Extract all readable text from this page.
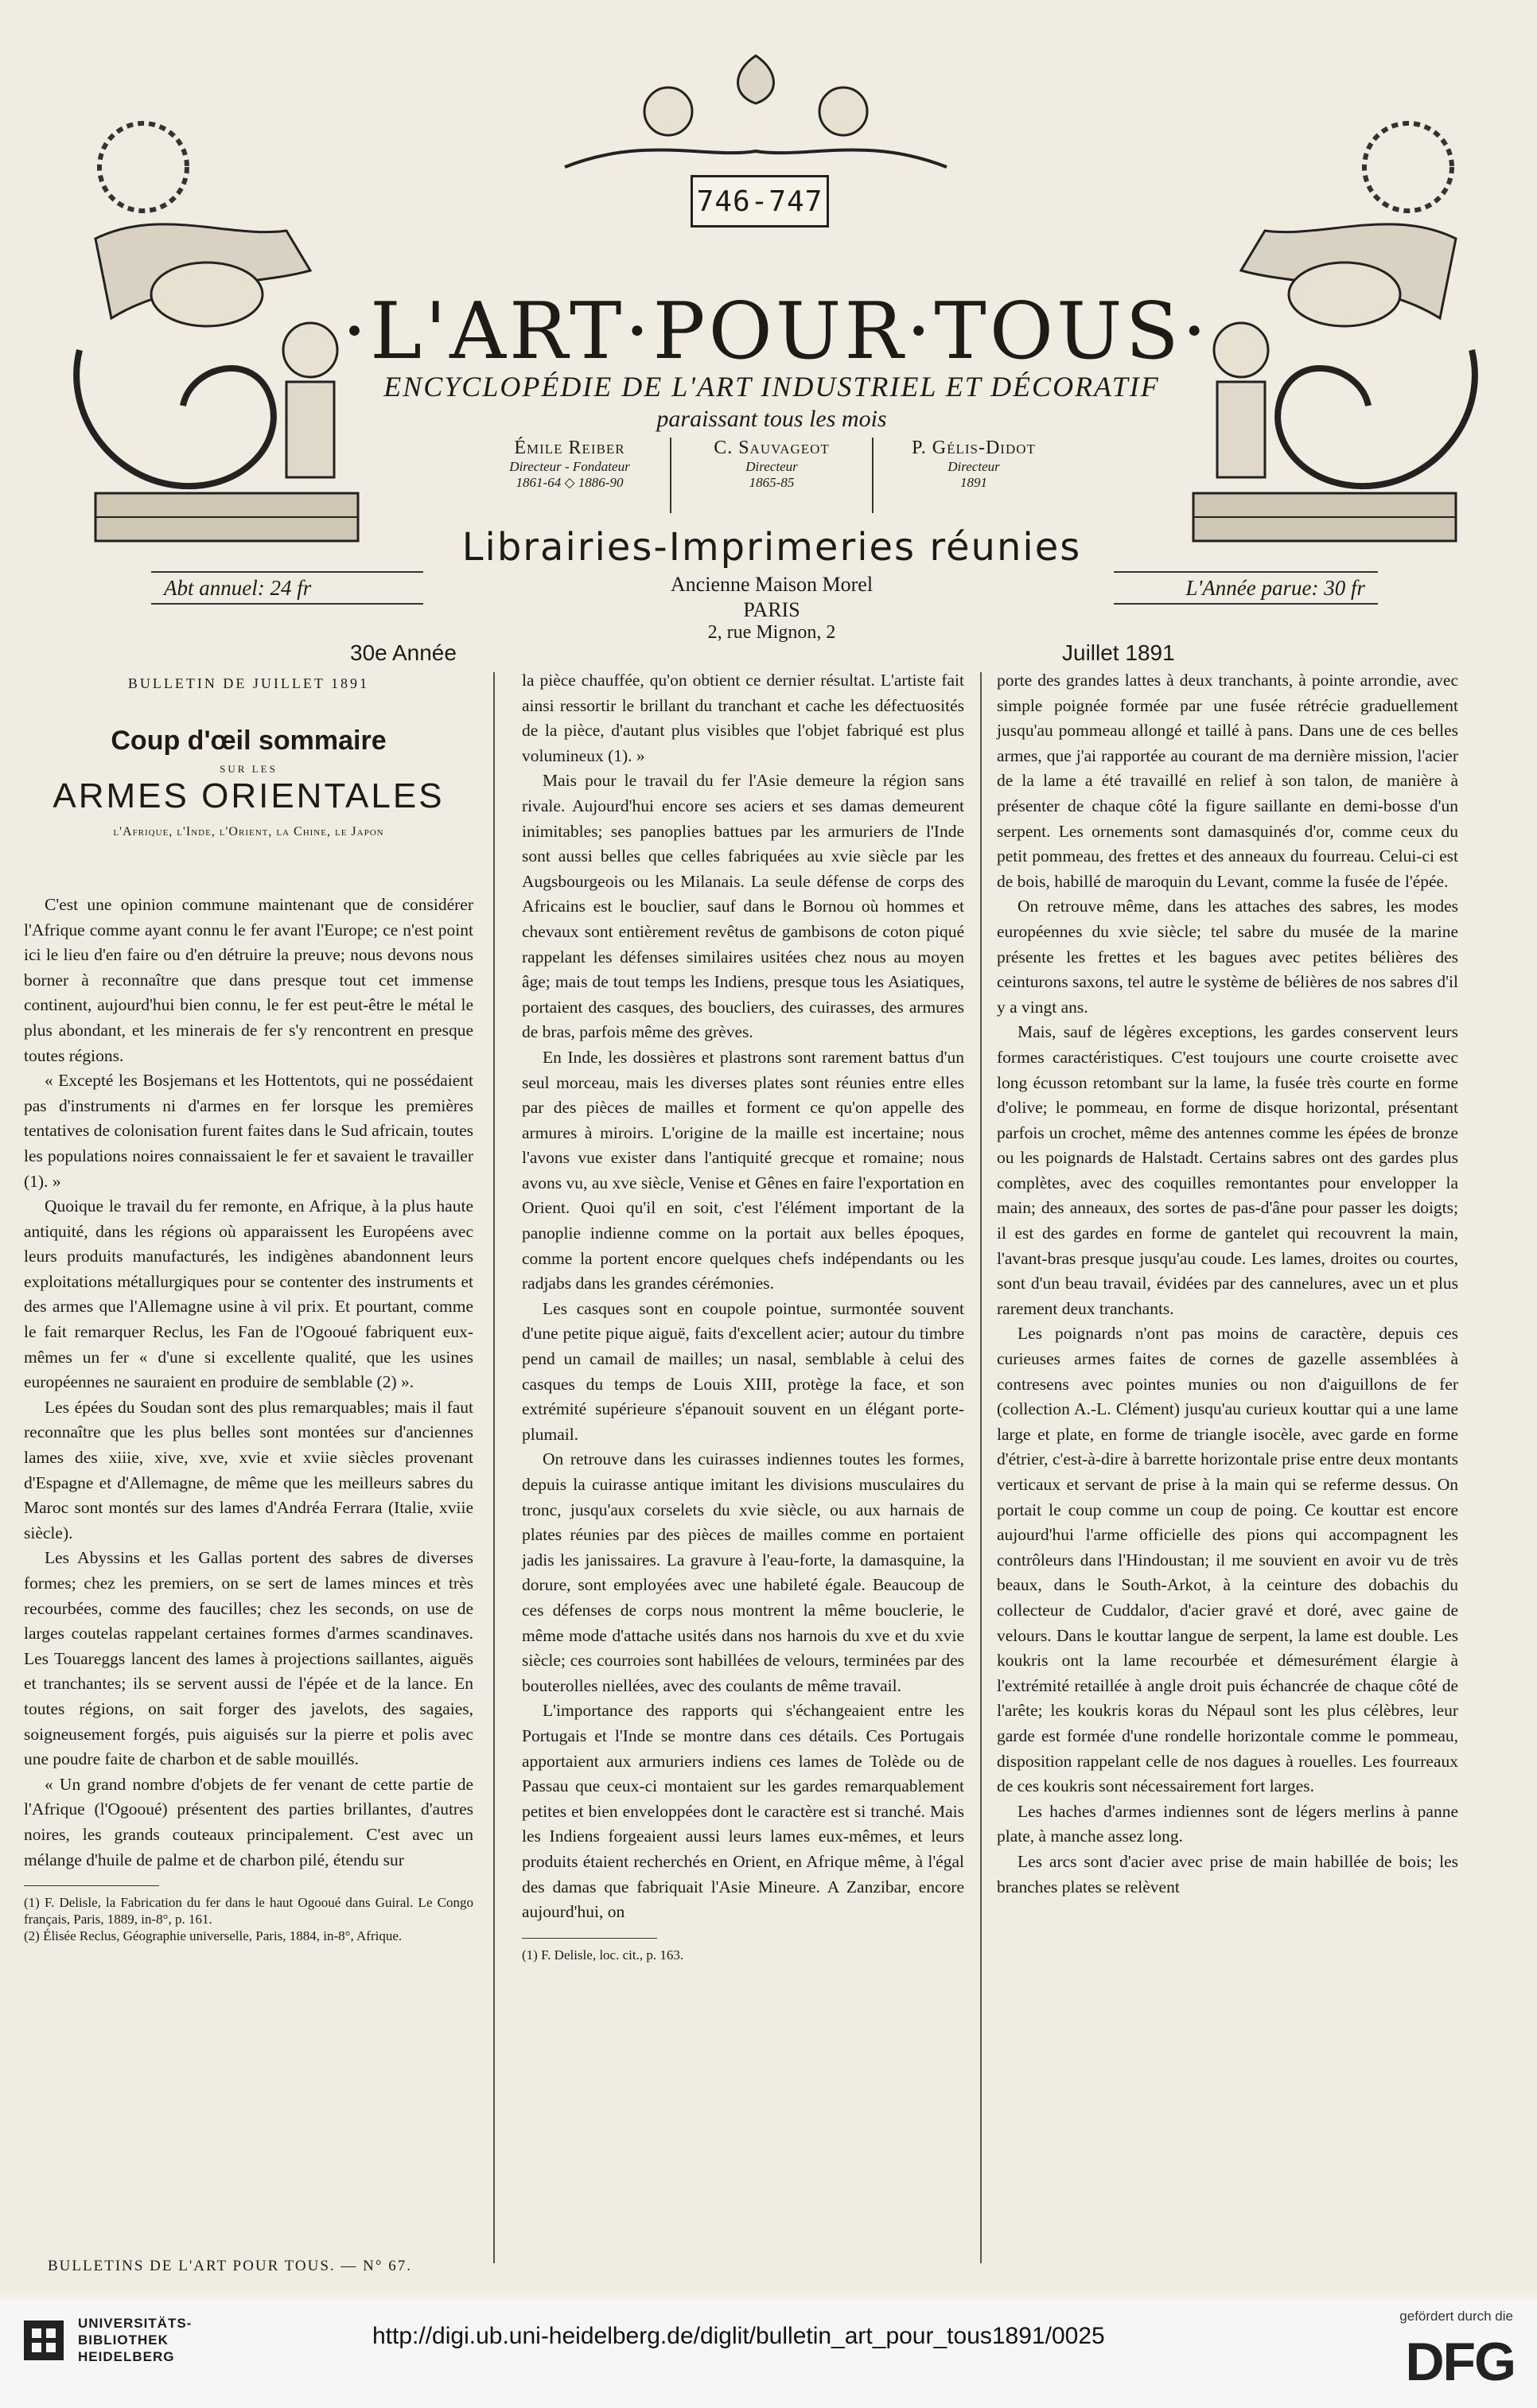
746-747
·L'ART·POUR·TOUS·
ENCYCLOPÉDIE DE L'ART INDUSTRIEL ET DÉCORATIF
paraissant tous les mois
Émile Reiber
Directeur - Fondateur
1861-64 ◇ 1886-90
C. Sauvageot
Directeur
1865-85
P. Gélis-Didot
Directeur
1891
Librairies-Imprimeries réunies
Ancienne Maison Morel
PARIS
2, rue Mignon, 2
Abt annuel: 24 fr	L'Année parue: 30 fr
30e Année	Juillet 1891
BULLETIN DE JUILLET 1891
Coup d'œil sommaire
SUR LES
ARMES ORIENTALES
l'Afrique, l'Inde, l'Orient, la Chine, le Japon

C'est une opinion commune maintenant que de considérer l'Afrique comme ayant connu le fer avant l'Europe; ce n'est point ici le lieu d'en faire ou d'en détruire la preuve; nous devons nous borner à reconnaître que dans presque tout cet immense continent, aujourd'hui bien connu, le fer est peut-être le métal le plus abondant, et les minerais de fer s'y rencontrent en presque toutes régions.

« Excepté les Bosjemans et les Hottentots, qui ne possédaient pas d'instruments ni d'armes en fer lorsque les premières tentatives de colonisation furent faites dans le Sud africain, toutes les populations noires connaissaient le fer et savaient le travailler (1). »

Quoique le travail du fer remonte, en Afrique, à la plus haute antiquité, dans les régions où apparaissent les Européens avec leurs produits manufacturés, les indigènes abandonnent leurs exploitations métallurgiques pour se contenter des instruments et des armes que l'Allemagne usine à vil prix. Et pourtant, comme le fait remarquer Reclus, les Fan de l'Ogooué fabriquent eux-mêmes un fer « d'une si excellente qualité, que les usines européennes ne sauraient en produire de semblable (2) ».

Les épées du Soudan sont des plus remarquables; mais il faut reconnaître que les plus belles sont montées sur d'anciennes lames des xiiie, xive, xve, xvie et xviie siècles provenant d'Espagne et d'Allemagne, de même que les meilleurs sabres du Maroc sont montés sur des lames d'Andréa Ferrara (Italie, xviie siècle).

Les Abyssins et les Gallas portent des sabres de diverses formes; chez les premiers, on se sert de lames minces et très recourbées, comme des faucilles; chez les seconds, on use de larges coutelas rappelant certaines formes d'armes scandinaves. Les Touareggs lancent des lames à projections saillantes, aiguës et tranchantes; ils se servent aussi de l'épée et de la lance. En toutes régions, on sait forger des javelots, des sagaies, soigneusement forgés, puis aiguisés sur la pierre et polis avec une poudre faite de charbon et de sable mouillés.

« Un grand nombre d'objets de fer venant de cette partie de l'Afrique (l'Ogooué) présentent des parties brillantes, d'autres noires, les grands couteaux principalement. C'est avec un mélange d'huile de palme et de charbon pilé, étendu sur

(1) F. Delisle, la Fabrication du fer dans le haut Ogooué dans Guiral. Le Congo français, Paris, 1889, in-8°, p. 161.

(2) Élisée Reclus, Géographie universelle, Paris, 1884, in-8°, Afrique.

la pièce chauffée, qu'on obtient ce dernier résultat. L'artiste fait ainsi ressortir le brillant du tranchant et cache les défectuosités de la pièce, d'autant plus visibles que l'objet fabriqué est plus volumineux (1). »

Mais pour le travail du fer l'Asie demeure la région sans rivale. Aujourd'hui encore ses aciers et ses damas demeurent inimitables; ses panoplies battues par les armuriers de l'Inde sont aussi belles que celles fabriquées au xvie siècle par les Augsbourgeois ou les Milanais. La seule défense de corps des Africains est le bouclier, sauf dans le Bornou où hommes et chevaux sont entièrement revêtus de gambisons de coton piqué rappelant les défenses similaires usitées chez nous au moyen âge; mais de tout temps les Indiens, presque tous les Asiatiques, portaient des casques, des boucliers, des cuirasses, des armures de bras, parfois même des grèves.

En Inde, les dossières et plastrons sont rarement battus d'un seul morceau, mais les diverses plates sont réunies entre elles par des pièces de mailles et forment ce qu'on appelle des armures à miroirs. L'origine de la maille est incertaine; nous l'avons vue exister dans l'antiquité grecque et romaine; nous avons vu, au xve siècle, Venise et Gênes en faire l'exportation en Orient. Quoi qu'il en soit, c'est l'élément important de la panoplie indienne comme on la portait aux belles époques, comme la portent encore quelques chefs indépendants ou les radjabs dans les grandes cérémonies.

Les casques sont en coupole pointue, surmontée souvent d'une petite pique aiguë, faits d'excellent acier; autour du timbre pend un camail de mailles; un nasal, semblable à celui des casques du temps de Louis XIII, protège la face, et son extrémité supérieure s'épanouit souvent en un élégant porte-plumail.

On retrouve dans les cuirasses indiennes toutes les formes, depuis la cuirasse antique imitant les divisions musculaires du tronc, jusqu'aux corselets du xvie siècle, ou aux harnais de plates réunies par des pièces de mailles comme en portaient jadis les janissaires. La gravure à l'eau-forte, la damasquine, la dorure, sont employées avec une habileté égale. Beaucoup de ces défenses de corps nous montrent la même bouclerie, le même mode d'attache usités dans nos harnois du xve et du xvie siècle; ces courroies sont habillées de velours, terminées par des bouterolles niellées, avec des coulants de même travail.

L'importance des rapports qui s'échangeaient entre les Portugais et l'Inde se montre dans ces détails. Ces Portugais apportaient aux armuriers indiens ces lames de Tolède ou de Passau que ceux-ci montaient sur les gardes remarquablement petites et bien enveloppées dont le caractère est si tranché. Mais les Indiens forgeaient aussi leurs lames eux-mêmes, et leurs produits étaient recherchés en Orient, en Afrique même, à l'égal des damas que fabriquait l'Asie Mineure. A Zanzibar, encore aujourd'hui, on

(1) F. Delisle, loc. cit., p. 163.

porte des grandes lattes à deux tranchants, à pointe arrondie, avec simple poignée formée par une fusée rétrécie graduellement jusqu'au pommeau allongé et taillé à pans. Dans une de ces belles armes, que j'ai rapportée au courant de ma dernière mission, l'acier de la lame a été travaillé en relief à son talon, de manière à présenter de chaque côté la figure saillante en demi-bosse d'un serpent. Les ornements sont damasquinés d'or, comme ceux du petit pommeau, des frettes et des anneaux du fourreau. Celui-ci est de bois, habillé de maroquin du Levant, comme la fusée de l'épée.

On retrouve même, dans les attaches des sabres, les modes européennes du xvie siècle; tel sabre du musée de la marine présente les frettes et les bagues avec petites bélières des ceinturons saxons, tel autre le système de bélières de nos sabres d'il y a vingt ans.

Mais, sauf de légères exceptions, les gardes conservent leurs formes caractéristiques. C'est toujours une courte croisette avec long écusson retombant sur la lame, la fusée très courte en forme d'olive; le pommeau, en forme de disque horizontal, présentant parfois un crochet, même des antennes comme les épées de bronze ou les poignards de Halstadt. Certains sabres ont des gardes plus complètes, avec des coquilles remontantes pour envelopper la main; des anneaux, des sortes de pas-d'âne pour passer les doigts; il est des gardes en forme de gantelet qui recouvrent la main, l'avant-bras presque jusqu'au coude. Les lames, droites ou courtes, sont d'un beau travail, évidées par des cannelures, avec un et plus rarement deux tranchants.

Les poignards n'ont pas moins de caractère, depuis ces curieuses armes faites de cornes de gazelle assemblées à contresens avec pointes munies ou non d'aiguillons de fer (collection A.-L. Clément) jusqu'au curieux kouttar qui a une lame large et plate, en forme de triangle isocèle, avec garde en forme d'étrier, c'est-à-dire à barrette horizontale prise entre deux montants verticaux et servant de prise à la main qui se referme dessus. On portait le coup comme un coup de poing. Ce kouttar est encore aujourd'hui l'arme officielle des pions qui accompagnent les contrôleurs dans l'Hindoustan; il me souvient en avoir vu de très beaux, dans le South-Arkot, à la ceinture des dobachis du collecteur de Cuddalor, d'acier gravé et doré, avec gaine de velours. Dans le kouttar langue de serpent, la lame est double. Les koukris ont la lame recourbée et démesurément élargie à l'extrémité retaillée à angle droit puis échancrée de chaque côté de l'arête; les koukris koras du Népaul sont les plus célèbres, leur garde est formée d'une rondelle horizontale comme le pommeau, disposition rappelant celle de nos dagues à rouelles. Les fourreaux de ces koukris sont nécessairement fort larges.

Les haches d'armes indiennes sont de légers merlins à panne plate, à manche assez long.

Les arcs sont d'acier avec prise de main habillée de bois; les branches plates se relèvent

BULLETINS DE L'ART POUR TOUS. — N° 67.
UNIVERSITÄTS-
BIBLIOTHEK
HEIDELBERG
http://digi.ub.uni-heidelberg.de/diglit/bulletin_art_pour_tous1891/0025
gefördert durch die
DFG
